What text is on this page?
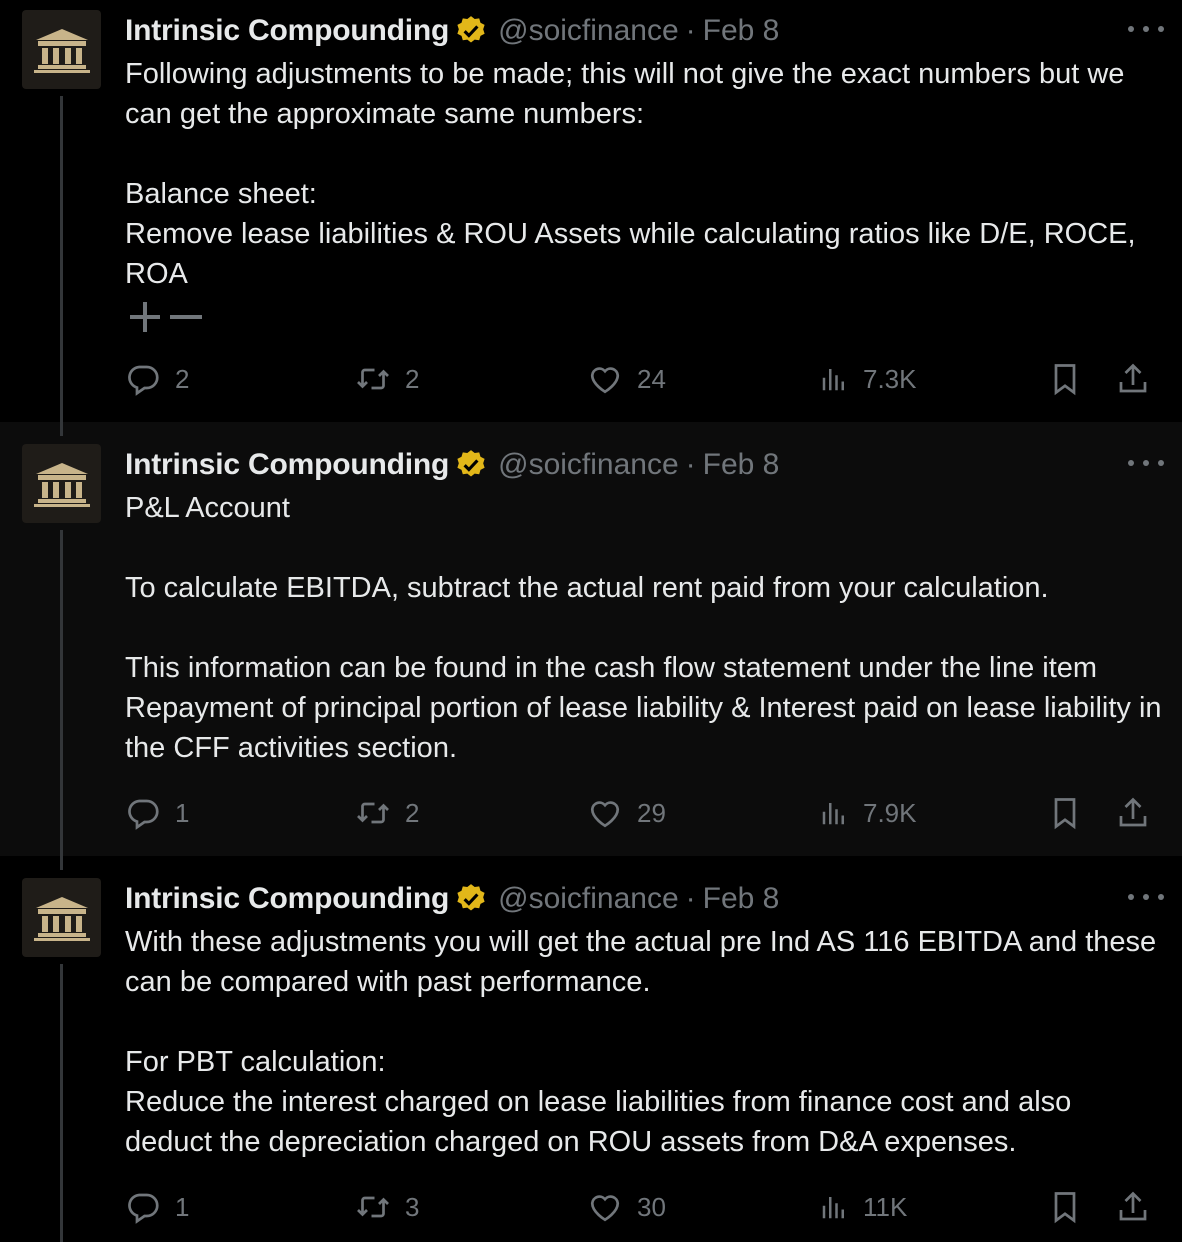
Intrinsic Compounding @soicfinance · Feb 8

Following adjustments to be made; this will not give the exact numbers but we can get the approximate same numbers:

Balance sheet:

Remove lease liabilities & ROU Assets while calculating ratios like D/E, ROCE, ROA

2	2	24	7.3K
Intrinsic Compounding @soicfinance · Feb 8

P&L Account

To calculate EBITDA, subtract the actual rent paid from your calculation.

This information can be found in the cash flow statement under the line item Repayment of principal portion of lease liability & Interest paid on lease liability in the CFF activities section.

1	2	29	7.9K
Intrinsic Compounding @soicfinance · Feb 8

With these adjustments you will get the actual pre Ind AS 116 EBITDA and these can be compared with past performance.

For PBT calculation:

Reduce the interest charged on lease liabilities from finance cost and also deduct the depreciation charged on ROU assets from D&A expenses.

1	3	30	11K
